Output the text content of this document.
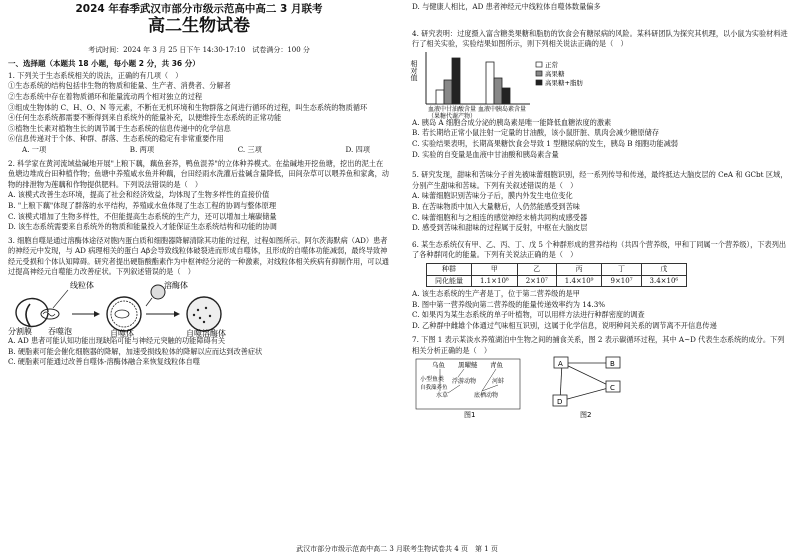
2024 年春季武汉市部分市级示范高中高二 3 月联考
高二生物试卷
考试时间：2024 年 3 月 25 日下午 14:30-17:10　试卷满分：100 分
一、选择题（本题共 18 小题，每小题 2 分，共 36 分）

1. 下列关于生态系统相关的说法，正确的有几项（　）

①生态系统的结构包括非生物的物质和能量、生产者、消费者、分解者

②生态系统中存在着物质循环和能量流动两个相对独立的过程

③组成生物体的 C、H、O、N 等元素，不断在无机环境和生物群落之间进行循环的过程，叫生态系统的物质循环

④任何生态系统都需要不断得到来自系统外的能量补充，以便维持生态系统的正常功能

⑤植物生长素对植物生长的调节属于生态系统的信息传递中的化学信息

⑥信息传递对于个体、种群、群落、生态系统的稳定有非常重要作用

A. 一项	B. 两项	C. 三项	D. 四项

2. 科学家在黄河流域盐碱地开展"上粮下藕，藕鱼套养，鸭鱼混养"的立体种养模式。在盐碱地开挖鱼塘，挖出的泥土在鱼塘边堆成台田种植作物；鱼塘中养殖咸水鱼并种藕，台田经雨水洗灌后盐碱含量降低，田间杂草可以喂养鱼和家禽，动物的排泄物为莲藕和作物提供肥料。下列说法错误的是（　）

A. 该模式改善生态环境，提高了社会和经济效益，均体现了生物多样性的直接价值

B. "上粮下藕"体现了群落的水平结构，养殖咸水鱼体现了生态工程的协调与整体原理

C. 该模式增加了生物多样性，不但能提高生态系统的生产力，还可以增加土壤碳储量

D. 该生态系统需要来自系统外的物质和能量投入才能保证生态系统结构和功能的协调

3. 细胞自噬是通过溶酶体途径对胞内蛋白质和细胞器降解清除其功能的过程，过程如图所示。阿尔茨海默病（AD）患者的神经元中发现，与 AD 病理相关的蛋白 Aβ会导致线粒体破裂进而形成自噬体，且形成的自噬体功能减弱，最终导致神经元受损和个体认知障碍。研究者提出硬脂酸酯素作为中枢神经分泌的一种激素，对线粒体相关疾病有抑制作用，可以通过提高神经元自噬能力改善症状。下列叙述错误的是（　）

线粒体	溶酶体
分割膜 吞噬泡	自噬体	自噬溶酶体

A. AD 患者可能认知功能出现缺陷可能与神经元突触的功能障碍有关

B. 硬脂素可能会催化细胞器的降解，加速受损线粒体的降解以应而达到改善症状

C. 硬脂素可能通过改善自噬体-溶酶体融合来恢复线粒体自噬

D. 与健康人相比，AD 患者神经元中线粒体自噬体数量偏多

4. 研究表明：过度摄入富含糖类果糖和脂肪的饮食会有糖尿病的风险。某科研团队为探究其机理，以小鼠为实验材料进行了相关实验，实验结果如图所示，则下列相关说法正确的是（　）

相对值
血液中甘油酸含量
（果糖代谢产物）
血液中胰岛素含量
正常
高果糖
高果糖+脂肪

A. 胰岛 A 细胞合成分泌的胰岛素是唯一能降低血糖浓度的激素

B. 若长期给正常小鼠注射一定量的甘油酸，该小鼠肝脏、肌肉会减少糖原储存

C. 实验结果表明，长期高果糖饮食会导致 1 型糖尿病的发生，胰岛 B 细胞功能减弱

D. 实验的自变量是血液中甘油酸和胰岛素含量

5. 研究发现，甜味和苦味分子首先被味蕾细胞识别，经一系列传导和传递，最终抵达大脑皮层的 CeA 和 GCbt 区域，分别产生甜味和苦味。下列有关叙述错误的是（　）

A. 味蕾细胞识别苦味分子后，膜内外发生电位变化

B. 在苦味物质中加入大量糖后，人仍然能感受到苦味

C. 味蕾细胞和与之相连的感觉神经末梢共同构成感受器

D. 感受到苦味和甜味的过程属于反射，中枢在大脑皮层

6. 某生态系统仅有甲、乙、丙、丁、戊 5 个种群形成的营养结构（共四个营养级，甲和丁同属一个营养级），下表列出了各种群同化的能量。下列有关说法正确的是（　）

种群	甲	乙	丙	丁	戊
同化能量	1.1×10⁸	2×10⁷	1.4×10⁹	9×10⁷	3.4×10⁶

A. 该生态系统的生产者是丁，位于第二营养级的是甲

B. 图中第一营养级向第二营养级的能量传递效率约为 14.3%

C. 如果丙为某生态系统的单子叶植物，可以用样方法进行种群密度的调查

D. 乙种群中雌雄个体通过气味相互识别，这属于化学信息，说明种间关系的调节离不开信息传递

7. 下图 1 表示某淡水养殖湖泊中生物之间的捕食关系，图 2 表示碳循环过程，其中 A~D 代表生态系统的成分。下列相关分析正确的是（　）

乌鱼 黑曜鲢 青鱼
小型鱼类 浮游动物	河蚌
水草	底栖动物
自我藻养鱼
图1
A	B
C
D
图2
武汉市部分市级示范高中高二 3 月联考生物试卷共 4 页　第 1 页
